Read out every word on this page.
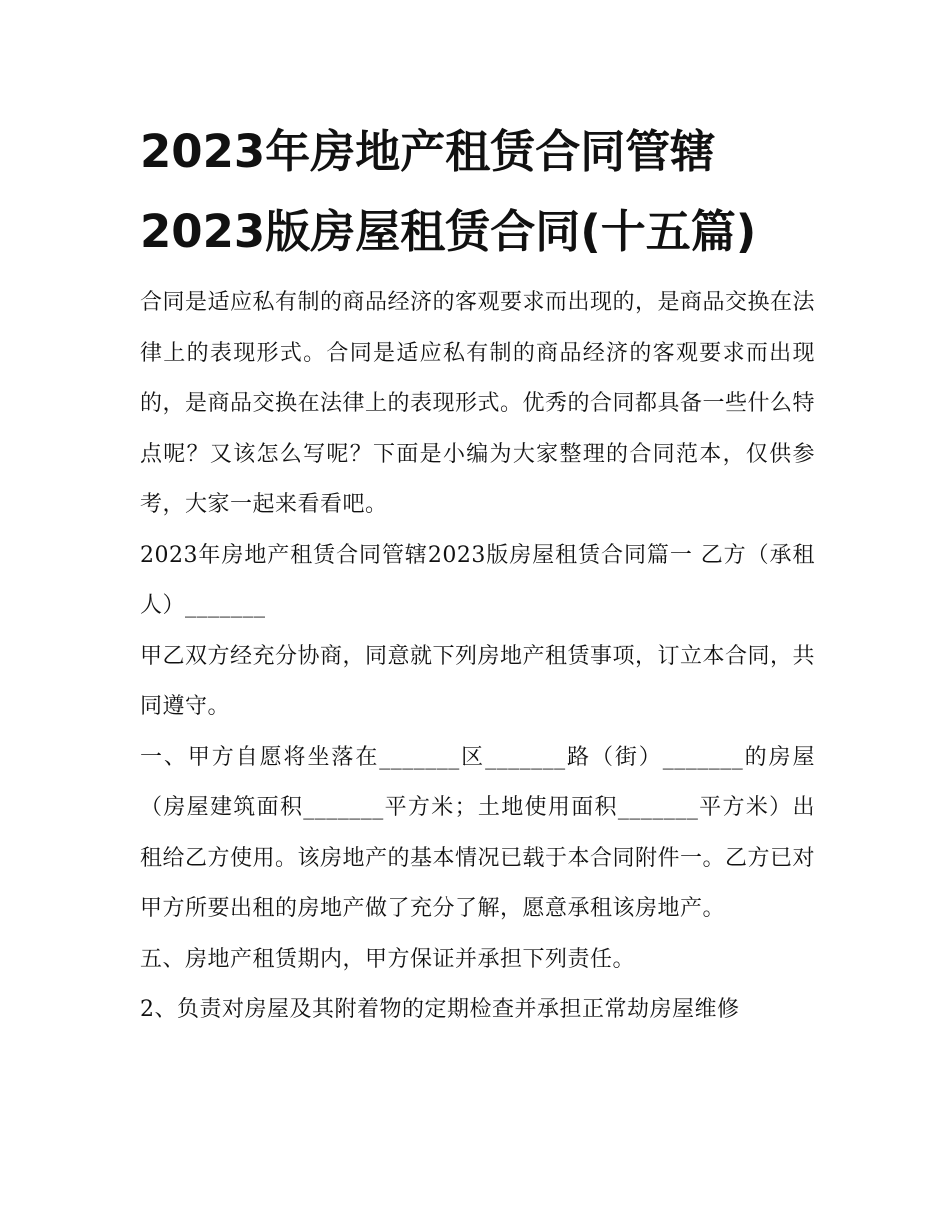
2023年房地产租赁合同管辖
2023版房屋租赁合同(十五篇)

合同是适应私有制的商品经济的客观要求而出现的，是商品交换在法律上的表现形式。合同是适应私有制的商品经济的客观要求而出现的，是商品交换在法律上的表现形式。优秀的合同都具备一些什么特点呢？又该怎么写呢？下面是小编为大家整理的合同范本，仅供参考，大家一起来看看吧。

2023年房地产租赁合同管辖2023版房屋租赁合同篇一 乙方（承租人）_______

甲乙双方经充分协商，同意就下列房地产租赁事项，订立本合同，共同遵守。

一、甲方自愿将坐落在_______区_______路（街）_______的房屋（房屋建筑面积_______平方米；土地使用面积_______平方米）出租给乙方使用。该房地产的基本情况已载于本合同附件一。乙方已对甲方所要出租的房地产做了充分了解，愿意承租该房地产。

五、房地产租赁期内，甲方保证并承担下列责任。

2、负责对房屋及其附着物的定期检查并承担正常劫房屋维修
